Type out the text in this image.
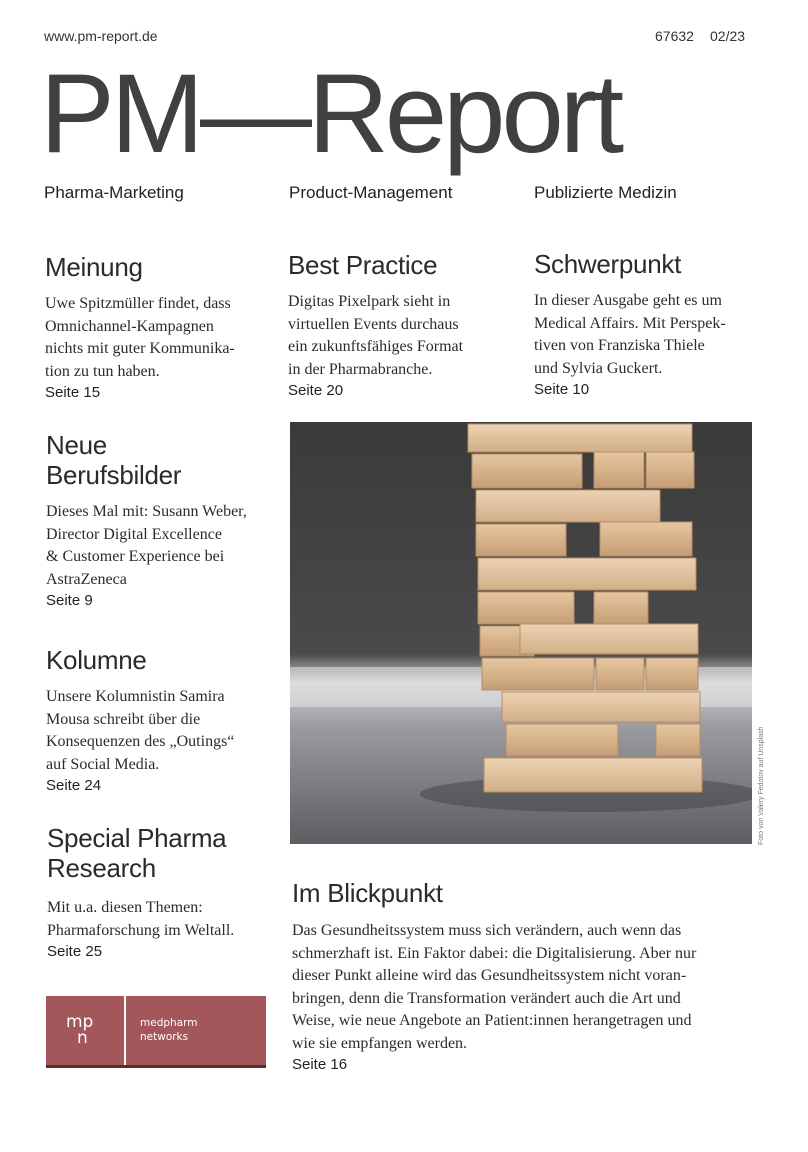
www.pm-report.de	67632 02/23
PM—Report
Pharma-Marketing	Product-Management	Publizierte Medizin
Meinung
Uwe Spitzmüller findet, dass
Omnichannel-Kampagnen
nichts mit guter Kommunika-
tion zu tun haben.
Seite 15
Best Practice
Digitas Pixelpark sieht in
virtuellen Events durchaus
ein zukunftsfähiges Format
in der Pharmabranche.
Seite 20
Schwerpunkt
In dieser Ausgabe geht es um
Medical Affairs. Mit Perspek-
tiven von Franziska Thiele
und Sylvia Guckert.
Seite 10
Neue
Berufsbilder
Dieses Mal mit: Susann Weber,
Director Digital Excellence
& Customer Experience bei
AstraZeneca
Seite 9
Kolumne
Unsere Kolumnistin Samira
Mousa schreibt über die
Konsequenzen des „Outings“
auf Social Media.
Seite 24
Special Pharma
Research
Mit u.a. diesen Themen:
Pharmaforschung im Weltall.
Seite 25
Foto von Valery Fedotov auf Unsplash
Im Blickpunkt
Das Gesundheitssystem muss sich verändern, auch wenn das
schmerzhaft ist. Ein Faktor dabei: die Digitalisierung. Aber nur
dieser Punkt alleine wird das Gesundheitssystem nicht voran-
bringen, denn die Transformation verändert auch die Art und
Weise, wie neue Angebote an Patient:innen herangetragen und
wie sie empfangen werden.
Seite 16
mp
n
medpharm
networks
